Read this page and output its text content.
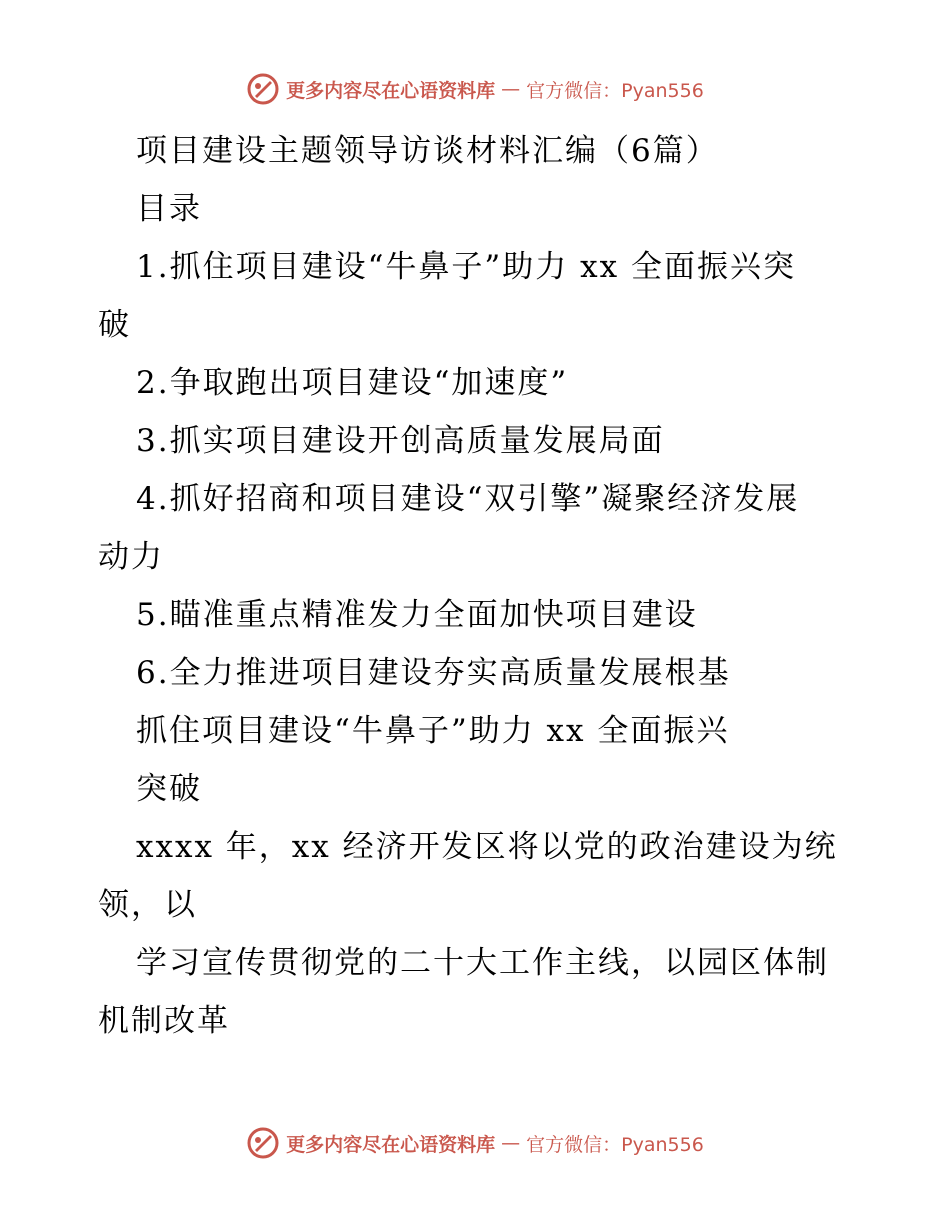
更多内容尽在心语资料库 — 官方微信：Pyan556
项目建设主题领导访谈材料汇编（6篇）
目录
1.抓住项目建设“牛鼻子”助力 xx 全面振兴突
破
2.争取跑出项目建设“加速度”
3.抓实项目建设开创高质量发展局面
4.抓好招商和项目建设“双引擎”凝聚经济发展
动力
5.瞄准重点精准发力全面加快项目建设
6.全力推进项目建设夯实高质量发展根基
抓住项目建设“牛鼻子”助力 xx 全面振兴
突破
xxxx 年，xx 经济开发区将以党的政治建设为统
领，以
学习宣传贯彻党的二十大工作主线，以园区体制
机制改革
更多内容尽在心语资料库 — 官方微信：Pyan556
